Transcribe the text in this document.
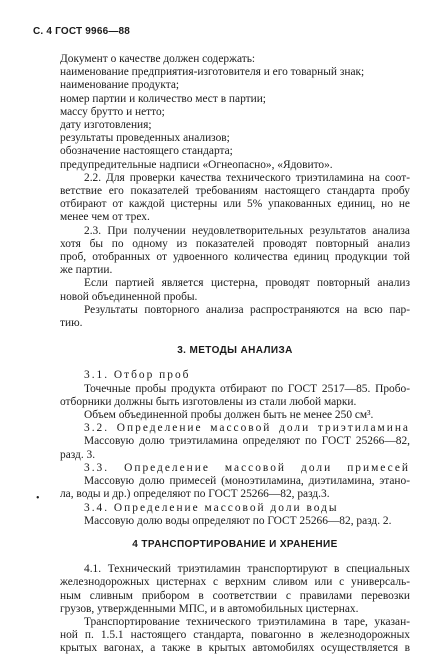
С. 4 ГОСТ 9966—88
•
Документ о качестве должен содержать:
наименование предприятия-изготовителя и его товарный знак;
наименование продукта;
номер партии и количество мест в партии;
массу брутто и нетто;
дату изготовления;
результаты проведенных анализов;
обозначение настоящего стандарта;
предупредительные надписи «Огнеопасно», «Ядовито».
2.2. Для проверки качества технического триэтиламина на соот-
ветствие его показателей требованиям настоящего стандарта пробу
отбирают от каждой цистерны или 5% упакованных единиц, но не
менее чем от трех.
2.3. При получении неудовлетворительных результатов анализа
хотя бы по одному из показателей проводят повторный анализ
проб, отобранных от удвоенного количества единиц продукции той
же партии.
Если партией является цистерна, проводят повторный анализ
новой объединенной пробы.
Результаты повторного анализа распространяются на всю пар-
тию.
3. МЕТОДЫ АНАЛИЗА
3.1. Отбор проб
Точечные пробы продукта отбирают по ГОСТ 2517—85. Пробо-
отборники должны быть изготовлены из стали любой марки.
Объем объединенной пробы должен быть не менее 250 см³.
3.2. Определение массовой доли триэтиламина
Массовую долю триэтиламина определяют по ГОСТ 25266—82,
разд. 3.
3.3. Определение массовой доли примесей
Массовую долю примесей (моноэтиламина, диэтиламина, этано-
ла, воды и др.) определяют по ГОСТ 25266—82, разд.3.
3.4. Определение массовой доли воды
Массовую долю воды определяют по ГОСТ 25266—82, разд. 2.
4 ТРАНСПОРТИРОВАНИЕ И ХРАНЕНИЕ
4.1. Технический триэтиламин транспортируют в специальных
железнодорожных цистернах с верхним сливом или с универсаль-
ным сливным прибором в соответствии с правилами перевозки
грузов, утвержденными МПС, и в автомобильных цистернах.
Транспортирование технического триэтиламина в таре, указан-
ной п. 1.5.1 настоящего стандарта, повагонно в железнодорожных
крытых вагонах, а также в крытых автомобилях осуществляется в
